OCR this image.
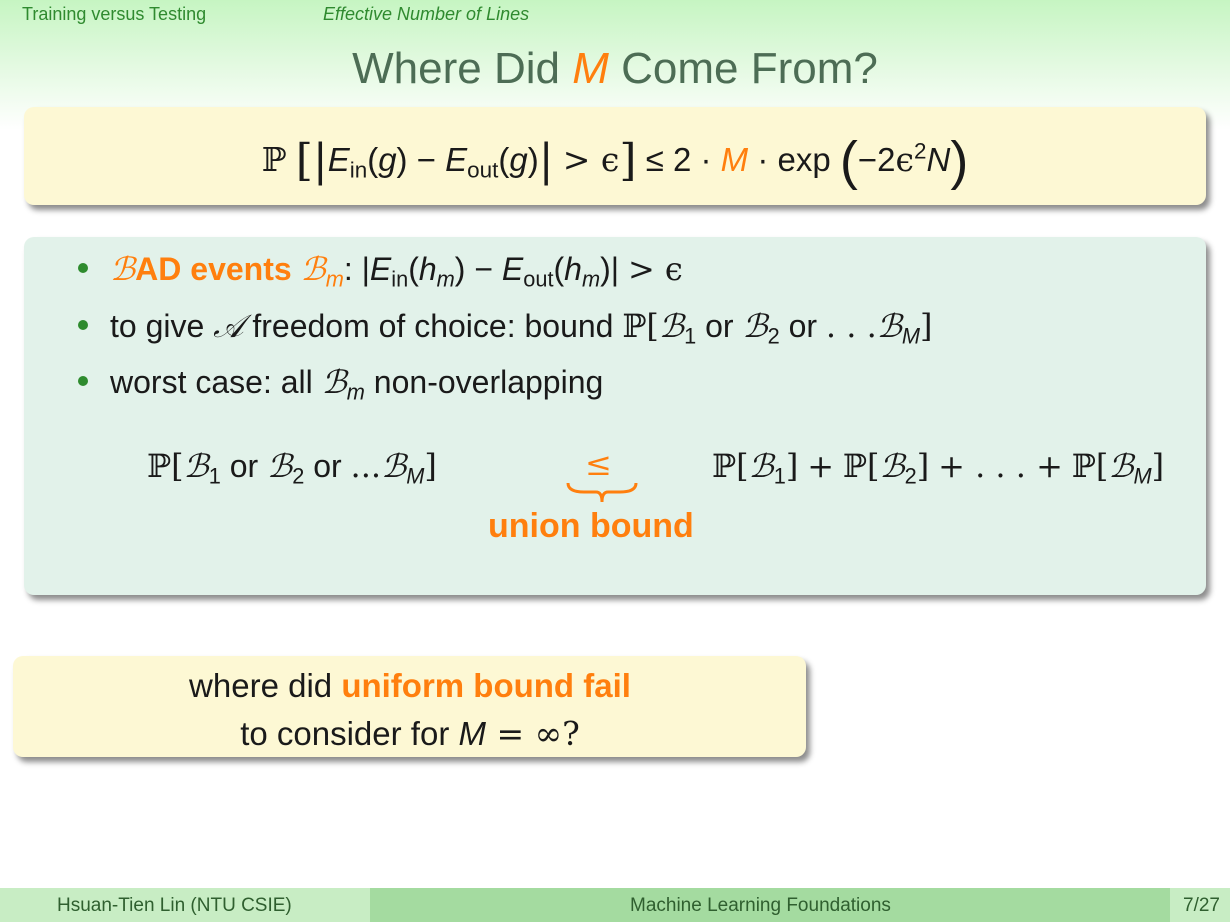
Training versus Testing	Effective Number of Lines
Where Did M Come From?
ℙ $[|E_{in}(g) - E_{out}(g)| > \epsilon] \le 2 \cdot M \cdot \exp (-2\epsilon^2N)$
ℬAD events ℬ$_m$: $|E_{in}(h_m) - E_{out}(h_m)| > \epsilon$
to give 𝒜 freedom of choice: bound ℙ[ℬ$_1$ or ℬ$_2$ or . . .ℬ$_M$]
worst case: all ℬ$_m$ non-overlapping
ℙ[ℬ$_1$ or ℬ$_2$ or ...ℬ$_M$]	≤	ℙ[ℬ$_1$] + ℙ[ℬ$_2$] + . . . + ℙ[ℬ$_M$]
union bound
where did uniform bound fail
to consider for M = ∞?
Hsuan-Tien Lin (NTU CSIE)	Machine Learning Foundations	7/27
